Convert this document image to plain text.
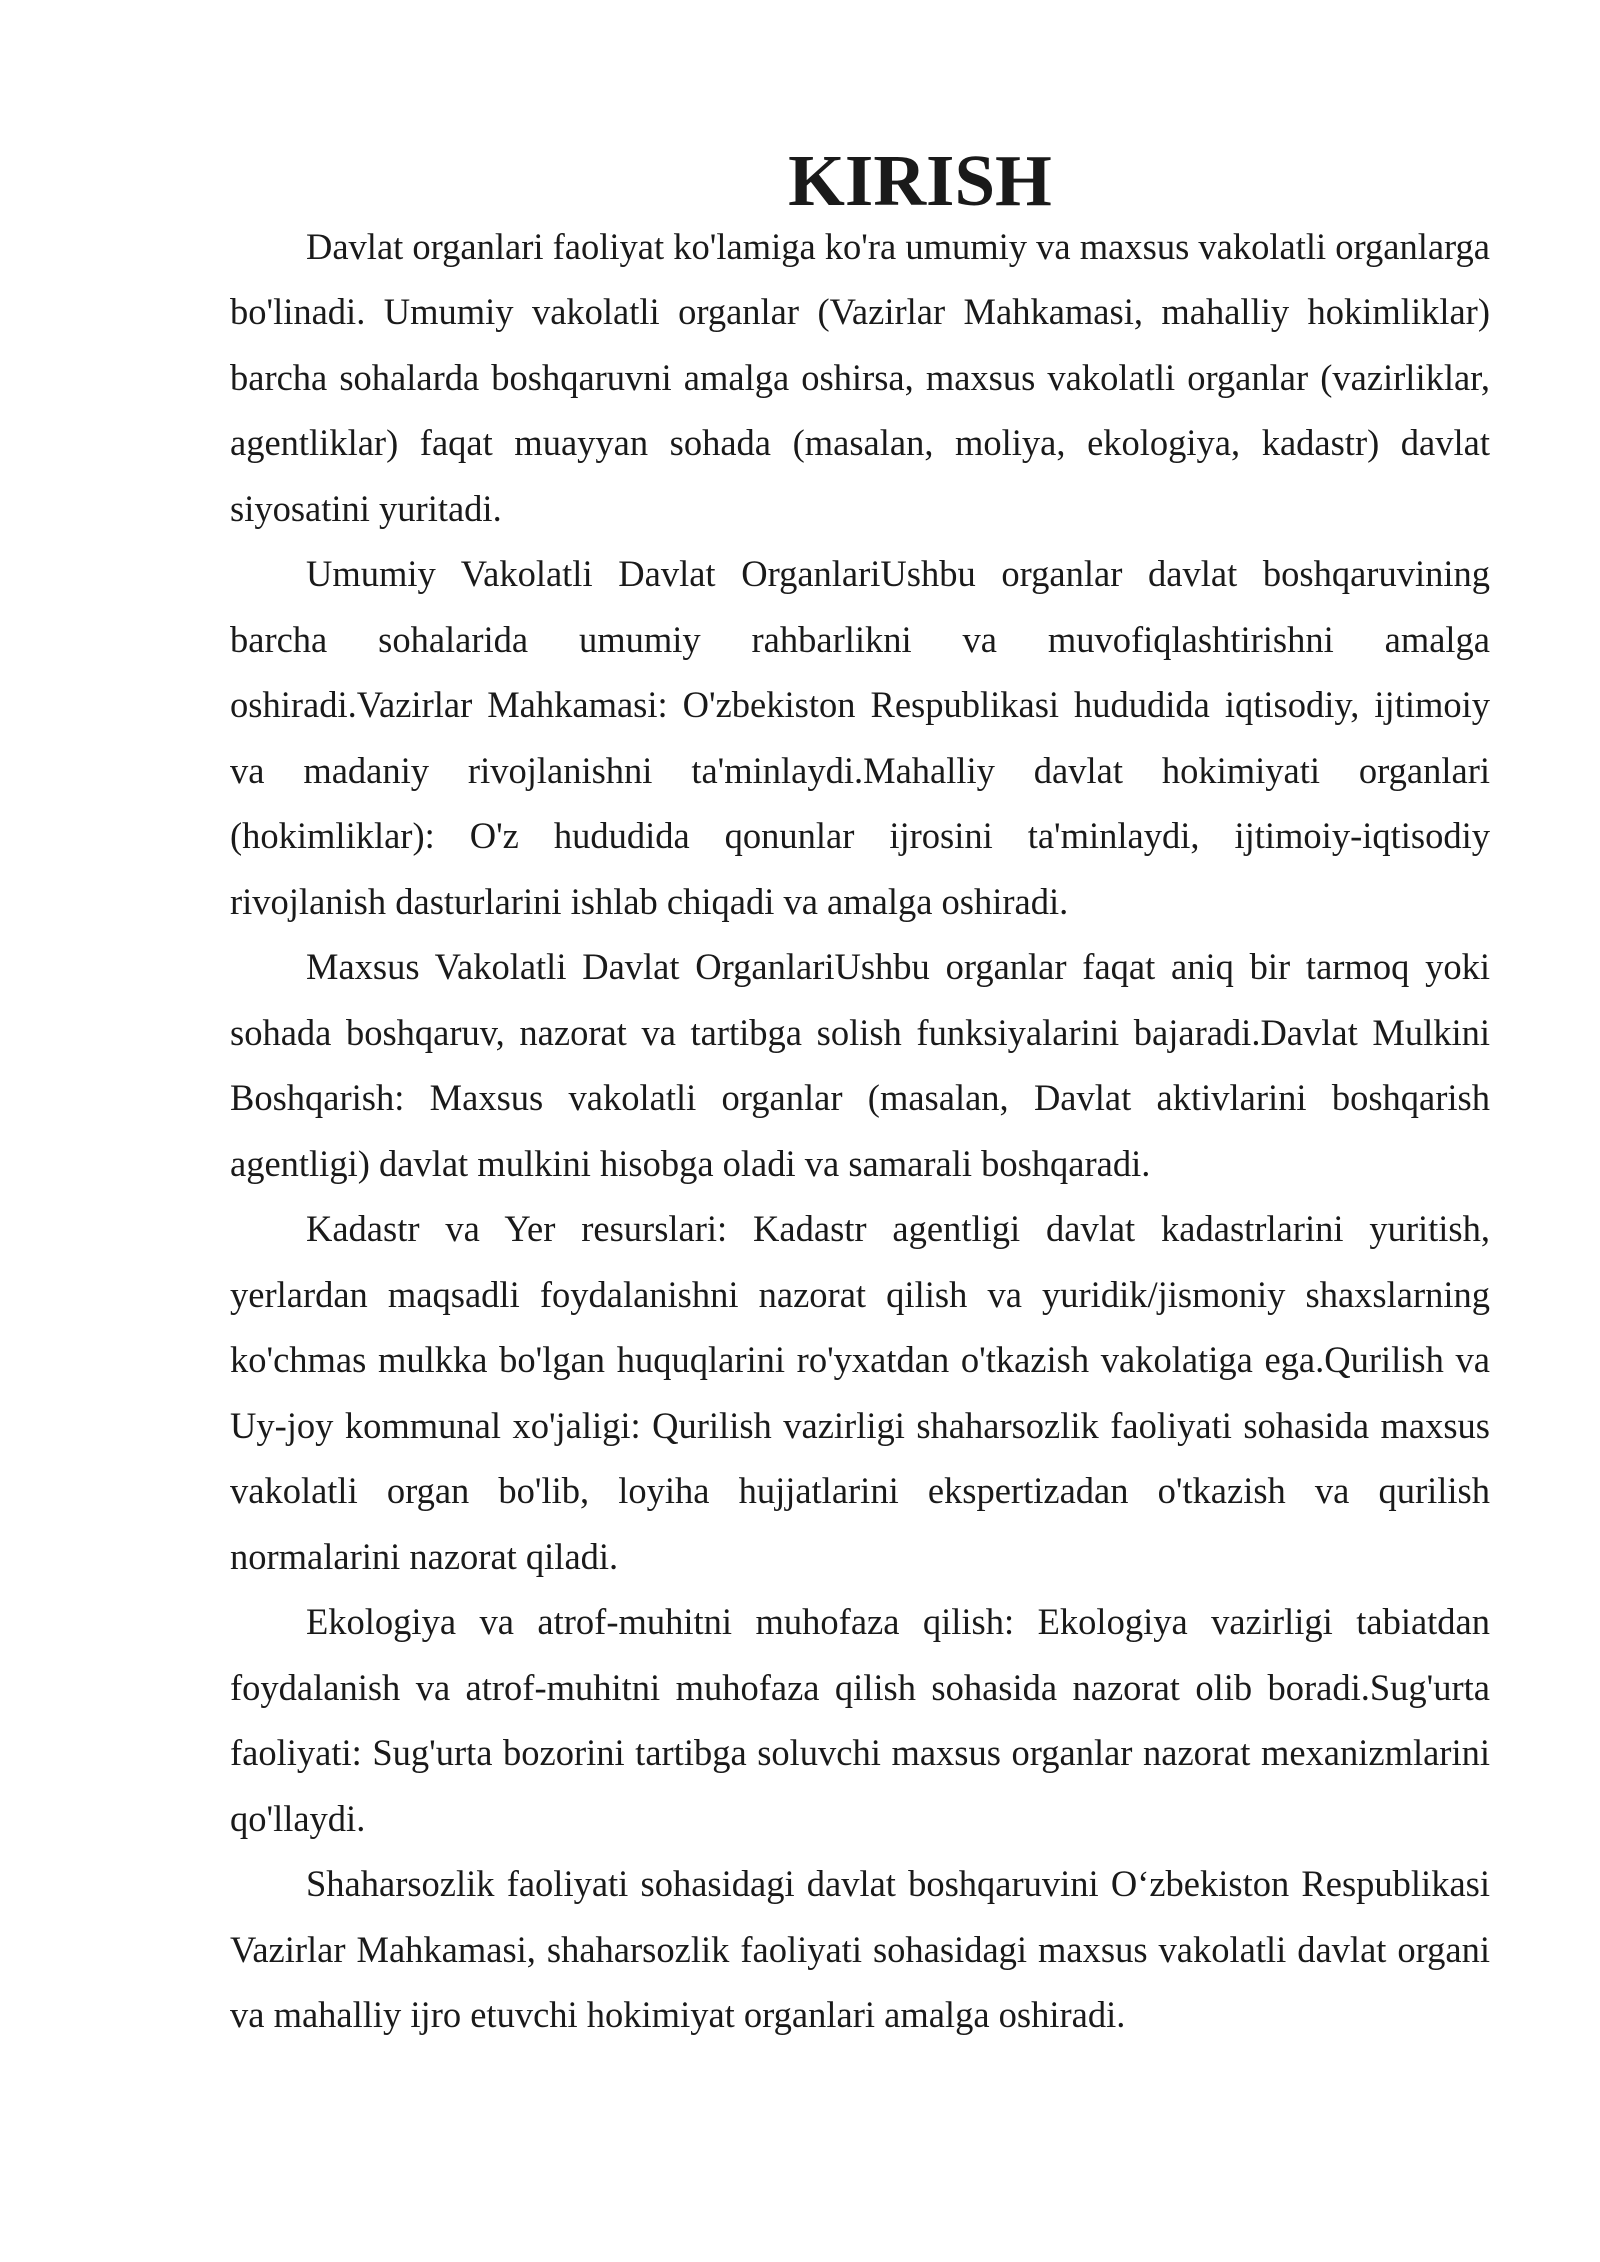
KIRISH

Davlat organlari faoliyat ko'lamiga ko'ra umumiy va maxsus vakolatli organlarga bo'linadi. Umumiy vakolatli organlar (Vazirlar Mahkamasi, mahalliy hokimliklar) barcha sohalarda boshqaruvni amalga oshirsa, maxsus vakolatli organlar (vazirliklar, agentliklar) faqat muayyan sohada (masalan, moliya, ekologiya, kadastr) davlat siyosatini yuritadi.

Umumiy Vakolatli Davlat OrganlariUshbu organlar davlat boshqaruvining barcha sohalarida umumiy rahbarlikni va muvofiqlashtirishni amalga oshiradi.Vazirlar Mahkamasi: O'zbekiston Respublikasi hududida iqtisodiy, ijtimoiy va madaniy rivojlanishni ta'minlaydi.Mahalliy davlat hokimiyati organlari (hokimliklar): O'z hududida qonunlar ijrosini ta'minlaydi, ijtimoiy-iqtisodiy rivojlanish dasturlarini ishlab chiqadi va amalga oshiradi.

Maxsus Vakolatli Davlat OrganlariUshbu organlar faqat aniq bir tarmoq yoki sohada boshqaruv, nazorat va tartibga solish funksiyalarini bajaradi.Davlat Mulkini Boshqarish: Maxsus vakolatli organlar (masalan, Davlat aktivlarini boshqarish agentligi) davlat mulkini hisobga oladi va samarali boshqaradi.

Kadastr va Yer resurslari: Kadastr agentligi davlat kadastrlarini yuritish, yerlardan maqsadli foydalanishni nazorat qilish va yuridik/jismoniy shaxslarning ko'chmas mulkka bo'lgan huquqlarini ro'yxatdan o'tkazish vakolatiga ega.Qurilish va Uy-joy kommunal xo'jaligi: Qurilish vazirligi shaharsozlik faoliyati sohasida maxsus vakolatli organ bo'lib, loyiha hujjatlarini ekspertizadan o'tkazish va qurilish normalarini nazorat qiladi.

Ekologiya va atrof-muhitni muhofaza qilish: Ekologiya vazirligi tabiatdan foydalanish va atrof-muhitni muhofaza qilish sohasida nazorat olib boradi.Sug'urta faoliyati: Sug'urta bozorini tartibga soluvchi maxsus organlar nazorat mexanizmlarini qo'llaydi.

Shaharsozlik faoliyati sohasidagi davlat boshqaruvini O‘zbekiston Respublikasi Vazirlar Mahkamasi, shaharsozlik faoliyati sohasidagi maxsus vakolatli davlat organi va mahalliy ijro etuvchi hokimiyat organlari amalga oshiradi.
